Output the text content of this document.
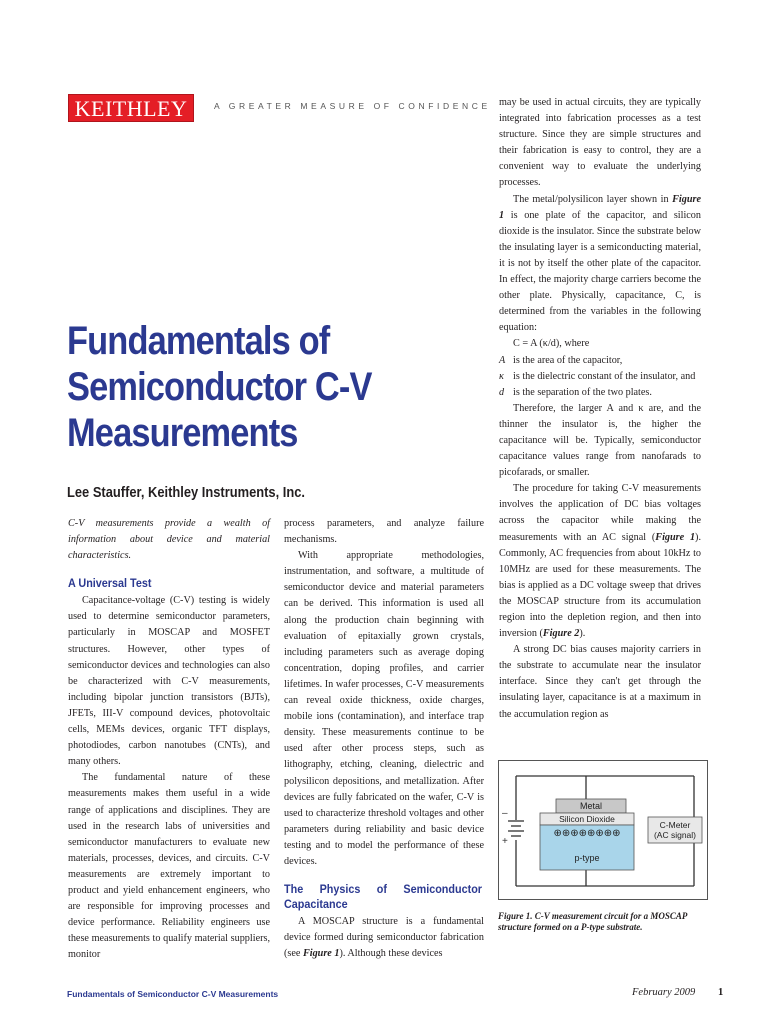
KEITHLEY	A GREATER MEASURE OF CONFIDENCE
Fundamentals of
Semiconductor C-V
Measurements
Lee Stauffer, Keithley Instruments, Inc.

C-V measurements provide a wealth of information about device and material characteristics.

A Universal Test

Capacitance-voltage (C-V) testing is widely used to determine semiconductor parameters, particularly in MOSCAP and MOSFET structures. However, other types of semiconductor devices and technologies can also be characterized with C-V measurements, including bipolar junction transistors (BJTs), JFETs, III-V compound devices, photovoltaic cells, MEMs devices, organic TFT displays, photodiodes, carbon nanotubes (CNTs), and many others.

The fundamental nature of these measurements makes them useful in a wide range of applications and disciplines. They are used in the research labs of universities and semiconductor manufacturers to evaluate new materials, processes, devices, and circuits. C-V measurements are extremely important to product and yield enhancement engineers, who are responsible for improving processes and device performance. Reliability engineers use these measurements to qualify material suppliers, monitor

process parameters, and analyze failure mechanisms.

With appropriate methodologies, instrumentation, and software, a multitude of semiconductor device and material parameters can be derived. This information is used all along the production chain beginning with evaluation of epitaxially grown crystals, including parameters such as average doping concentration, doping profiles, and carrier lifetimes. In wafer processes, C-V measurements can reveal oxide thickness, oxide charges, mobile ions (contamination), and interface trap density. These measurements continue to be used after other process steps, such as lithography, etching, cleaning, dielectric and polysilicon depositions, and metallization. After devices are fully fabricated on the wafer, C-V is used to characterize threshold voltages and other parameters during reliability and basic device testing and to model the performance of these devices.

The Physics of Semiconductor Capacitance

A MOSCAP structure is a fundamental device formed during semiconductor fabrication (see Figure 1). Although these devices

may be used in actual circuits, they are typically integrated into fabrication processes as a test structure. Since they are simple structures and their fabrication is easy to control, they are a convenient way to evaluate the underlying processes.

The metal/polysilicon layer shown in Figure 1 is one plate of the capacitor, and silicon dioxide is the insulator. Since the substrate below the insulating layer is a semiconducting material, it is not by itself the other plate of the capacitor. In effect, the majority charge carriers become the other plate. Physically, capacitance, C, is determined from the variables in the following equation:

C = A (κ/d), where

A is the area of the capacitor,
κ is the dielectric constant of the insulator, and
d is the separation of the two plates.

Therefore, the larger A and κ are, and the thinner the insulator is, the higher the capacitance will be. Typically, semiconductor capacitance values range from nanofarads to picofarads, or smaller.

The procedure for taking C-V measurements involves the application of DC bias voltages across the capacitor while making the measurements with an AC signal (Figure 1). Commonly, AC frequencies from about 10kHz to 10MHz are used for these measurements. The bias is applied as a DC voltage sweep that drives the MOSCAP structure from its accumulation region into the depletion region, and then into inversion (Figure 2).

A strong DC bias causes majority carriers in the substrate to accumulate near the insulator interface. Since they can't get through the insulating layer, capacitance is at a maximum in the accumulation region as

–
+
Metal
Silicon Dioxide
⊕⊕⊕⊕⊕⊕⊕⊕
p-type
C-Meter
(AC signal)
Figure 1. C-V measurement circuit for a MOSCAP structure formed on a P-type substrate.
Fundamentals of Semiconductor C-V Measurements	February 2009 1
